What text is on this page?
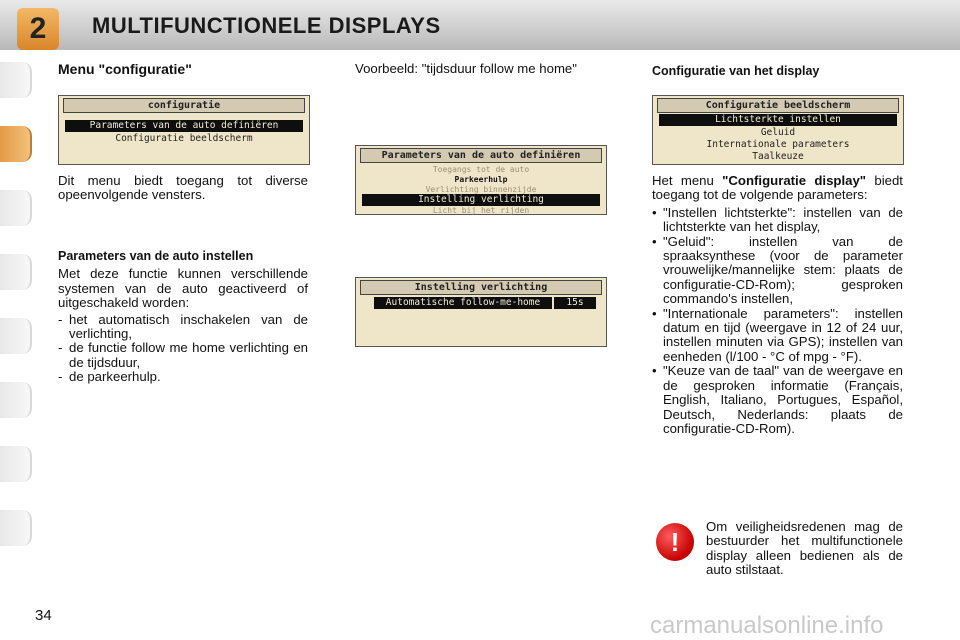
2	MULTIFUNCTIONELE DISPLAYS
Menu "configuratie"
configuratie
Parameters van de auto definiëren
Configuratie beeldscherm

Dit menu biedt toegang tot diverse opeenvolgende vensters.

Parameters van de auto instellen

Met deze functie kunnen verschillende systemen van de auto geactiveerd of uitgeschakeld worden:

- het automatisch inschakelen van de verlichting,
- de functie follow me home verlichting en de tijdsduur,
- de parkeerhulp.

Voorbeeld: "tijdsduur follow me home"

Parameters van de auto definiëren
Toegangs tot de auto
Parkeerhulp
Verlichting binnenzijde
Instelling verlichting
Licht bij het rijden
Instelling verlichting
Automatische follow-me-home	15s
Configuratie van het display
Configuratie beeldscherm
Lichtsterkte instellen
Geluid
Internationale parameters
Taalkeuze

Het menu "Configuratie display" biedt toegang tot de volgende parameters:

• "Instellen lichtsterkte": instellen van de lichtsterkte van het display,
• "Geluid": instellen van de spraaksynthese (voor de parameter vrouwelijke/mannelijke stem: plaats de configuratie-CD-Rom); gesproken commando's instellen,
• "Internationale parameters": instellen datum en tijd (weergave in 12 of 24 uur, instellen minuten via GPS); instellen van eenheden (l/100 - °C of mpg - °F).
• "Keuze van de taal" van de weergave en de gesproken informatie (Français, English, Italiano, Portugues, Español, Deutsch, Nederlands: plaats de configuratie-CD-Rom).
!

Om veiligheidsredenen mag de bestuurder het multifunctionele display alleen bedienen als de auto stilstaat.

34	carmanualsonline.info
